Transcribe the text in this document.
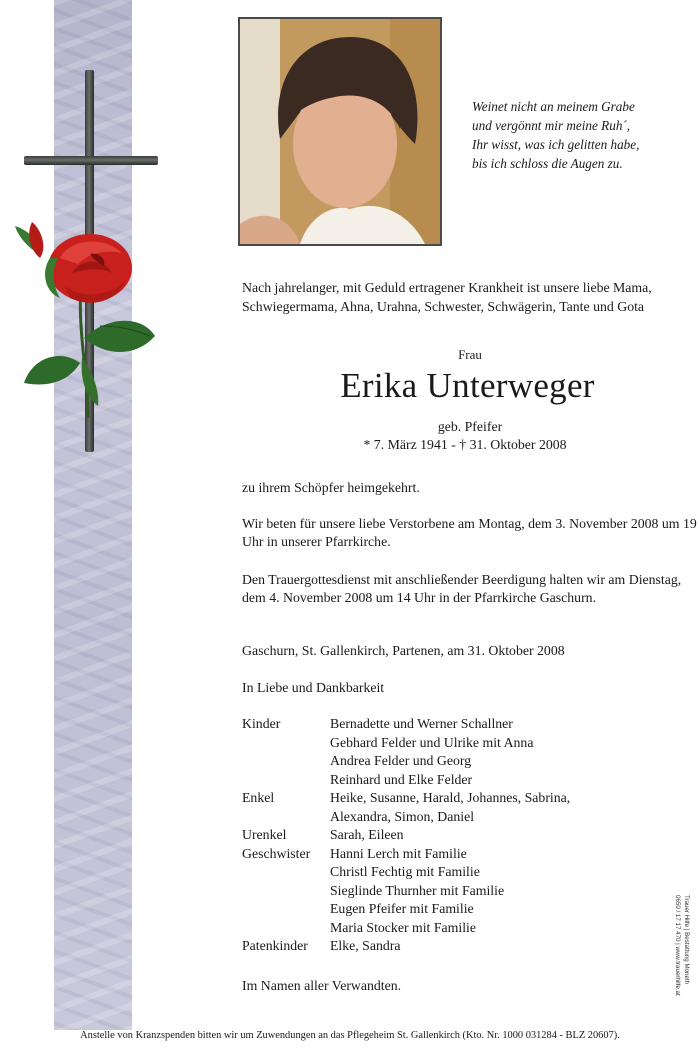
Weinet nicht an meinem Grabe
und vergönnt mir meine Ruh´,
Ihr wisst, was ich gelitten habe,
bis ich schloss die Augen zu.
Nach jahrelanger, mit Geduld ertragener Krankheit ist unsere liebe Mama, Schwiegermama, Ahna, Urahna, Schwester, Schwägerin, Tante und Gota
Frau
Erika Unterweger
geb. Pfeifer
* 7. März 1941 - † 31. Oktober 2008
zu ihrem Schöpfer heimgekehrt.
Wir beten für unsere liebe Verstorbene am Montag, dem 3. November 2008 um 19 Uhr in unserer Pfarrkirche.
Den Trauergottesdienst mit anschließender Beerdigung halten wir am Dienstag, dem 4. November 2008 um 14 Uhr in der Pfarrkirche Gaschurn.
Gaschurn, St. Gallenkirch, Partenen, am 31. Oktober 2008
In Liebe und Dankbarkeit
Kinder	Bernadette und Werner Schallner
Gebhard Felder und Ulrike mit Anna
Andrea Felder und Georg
Reinhard und Elke Felder
Enkel	Heike, Susanne, Harald, Johannes, Sabrina,
Alexandra, Simon, Daniel
Urenkel	Sarah, Eileen
Geschwister	Hanni Lerch mit Familie
Christl Fechtig mit Familie
Sieglinde Thurnher mit Familie
Eugen Pfeifer mit Familie
Maria Stocker mit Familie
Patenkinder	Elke, Sandra
Im Namen aller Verwandten.
Trauer Hilfe | Bestattung Moneth
0650 / 17 17 470 | www.trauerhilfe.at
Anstelle von Kranzspenden bitten wir um Zuwendungen an das Pflegeheim St. Gallenkirch (Kto. Nr. 1000 031284 - BLZ 20607).
